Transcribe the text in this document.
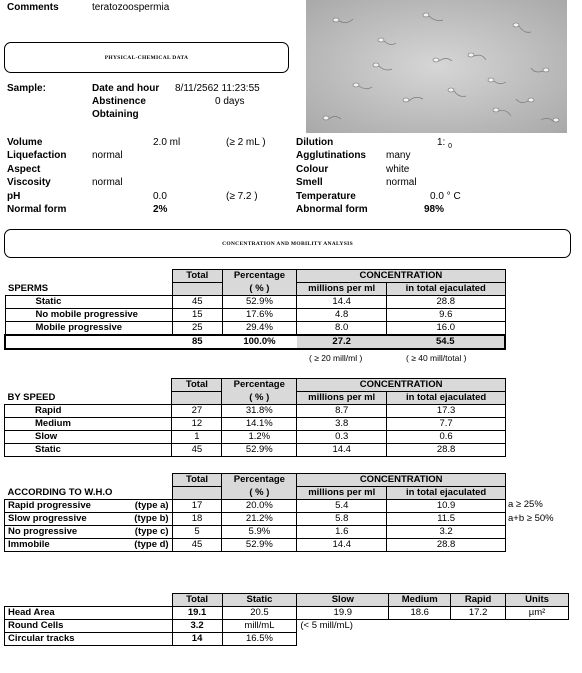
Comments	teratozoospermia
PHYSICAL-CHEMICAL DATA
Sample:	Date and hour 8/11/2562 11:23:55
Abstinence	0 days
Obtaining
Volume	2.0 ml	(≥ 2 mL )
Liquefaction	normal
Aspect
Viscosity	normal
pH	0.0	(≥ 7.2 )
Normal form	2%
Dilution	1: $_0$
Agglutinations many
Colour	white
Smell	normal
Temperature	0.0 ° C
Abnormal form	98%
CONCENTRATION AND MOBILITY ANALYSIS
	Total	Percentage	CONCENTRATION	
SPERMS		( % )	millions per ml	in total ejaculated
Static	45	52.9%	14.4	28.8
No mobile progressive	15	17.6%	4.8	9.6
Mobile progressive	25	29.4%	8.0	16.0
	85	100.0%	27.2	54.5
( ≥ 20 mill/ml )	( ≥ 40 mill/total )
	Total	Percentage	CONCENTRATION	
BY SPEED		( % )	millions per ml	in total ejaculated
Rapid	27	31.8%	8.7	17.3
Medium	12	14.1%	3.8	7.7
Slow	1	1.2%	0.3	0.6
Static	45	52.9%	14.4	28.8
	Total	Percentage	CONCENTRATION	
ACCORDING TO W.H.O		( % )	millions per ml	in total ejaculated
Rapid progressive (type a)	17	20.0%	5.4	10.9
Slow progressive (type b)	18	21.2%	5.8	11.5
No progressive (type c)	5	5.9%	1.6	3.2
Immobile (type d)	45	52.9%	14.4	28.8
a ≥ 25%
a+b ≥ 50%
	Total	Static	Slow	Medium	Rapid	Units
Head Area	19.1	20.5	19.9	18.6	17.2	µm²
Round Cells	3.2	mill/mL	(< 5 mill/mL)			
Circular tracks	14	16.5%				
